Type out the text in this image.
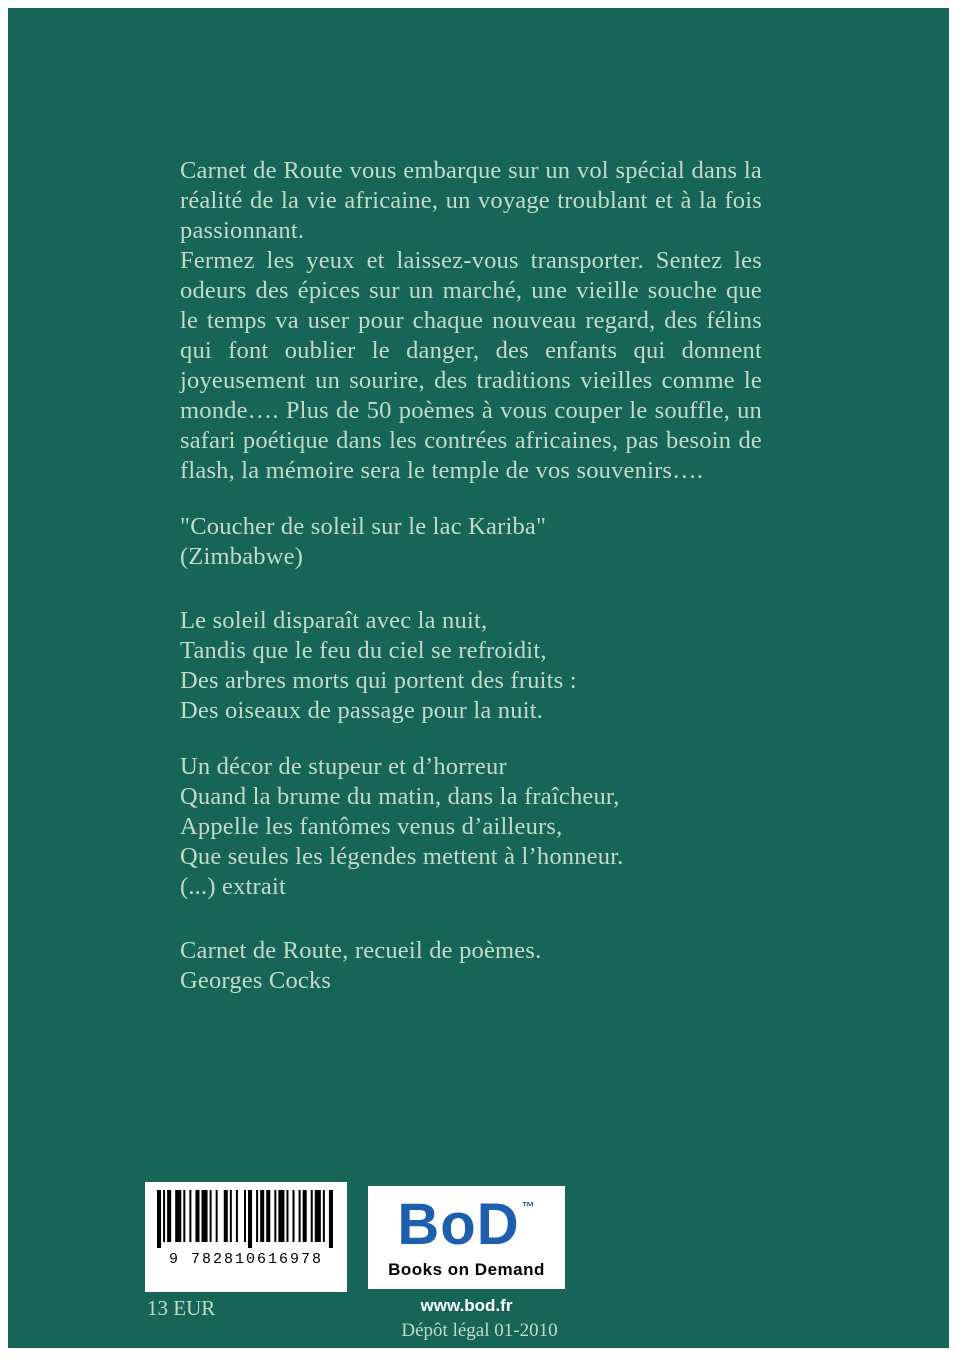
Carnet de Route vous embarque sur un vol spécial dans la réalité de la vie africaine, un voyage troublant et à la fois passionnant.

Fermez les yeux et laissez-vous transporter. Sentez les odeurs des épices sur un marché, une vieille souche que le temps va user pour chaque nouveau regard, des félins qui font oublier le danger, des enfants qui donnent joyeusement un sourire, des traditions vieilles comme le monde…. Plus de 50 poèmes à vous couper le souffle, un safari poétique dans les contrées africaines, pas besoin de flash, la mémoire sera le temple de vos souvenirs….

"Coucher de soleil sur le lac Kariba"

(Zimbabwe)

Le soleil disparaît avec la nuit,

Tandis que le feu du ciel se refroidit,

Des arbres morts qui portent des fruits :

Des oiseaux de passage pour la nuit.

Un décor de stupeur et d’horreur

Quand la brume du matin, dans la fraîcheur,

Appelle les fantômes venus d’ailleurs,

Que seules les légendes mettent à l’honneur.

(...) extrait

Carnet de Route, recueil de poèmes.

Georges Cocks

9 782810616978
13 EUR
BoD ™
Books on Demand
www.bod.fr
Dépôt légal 01-2010
